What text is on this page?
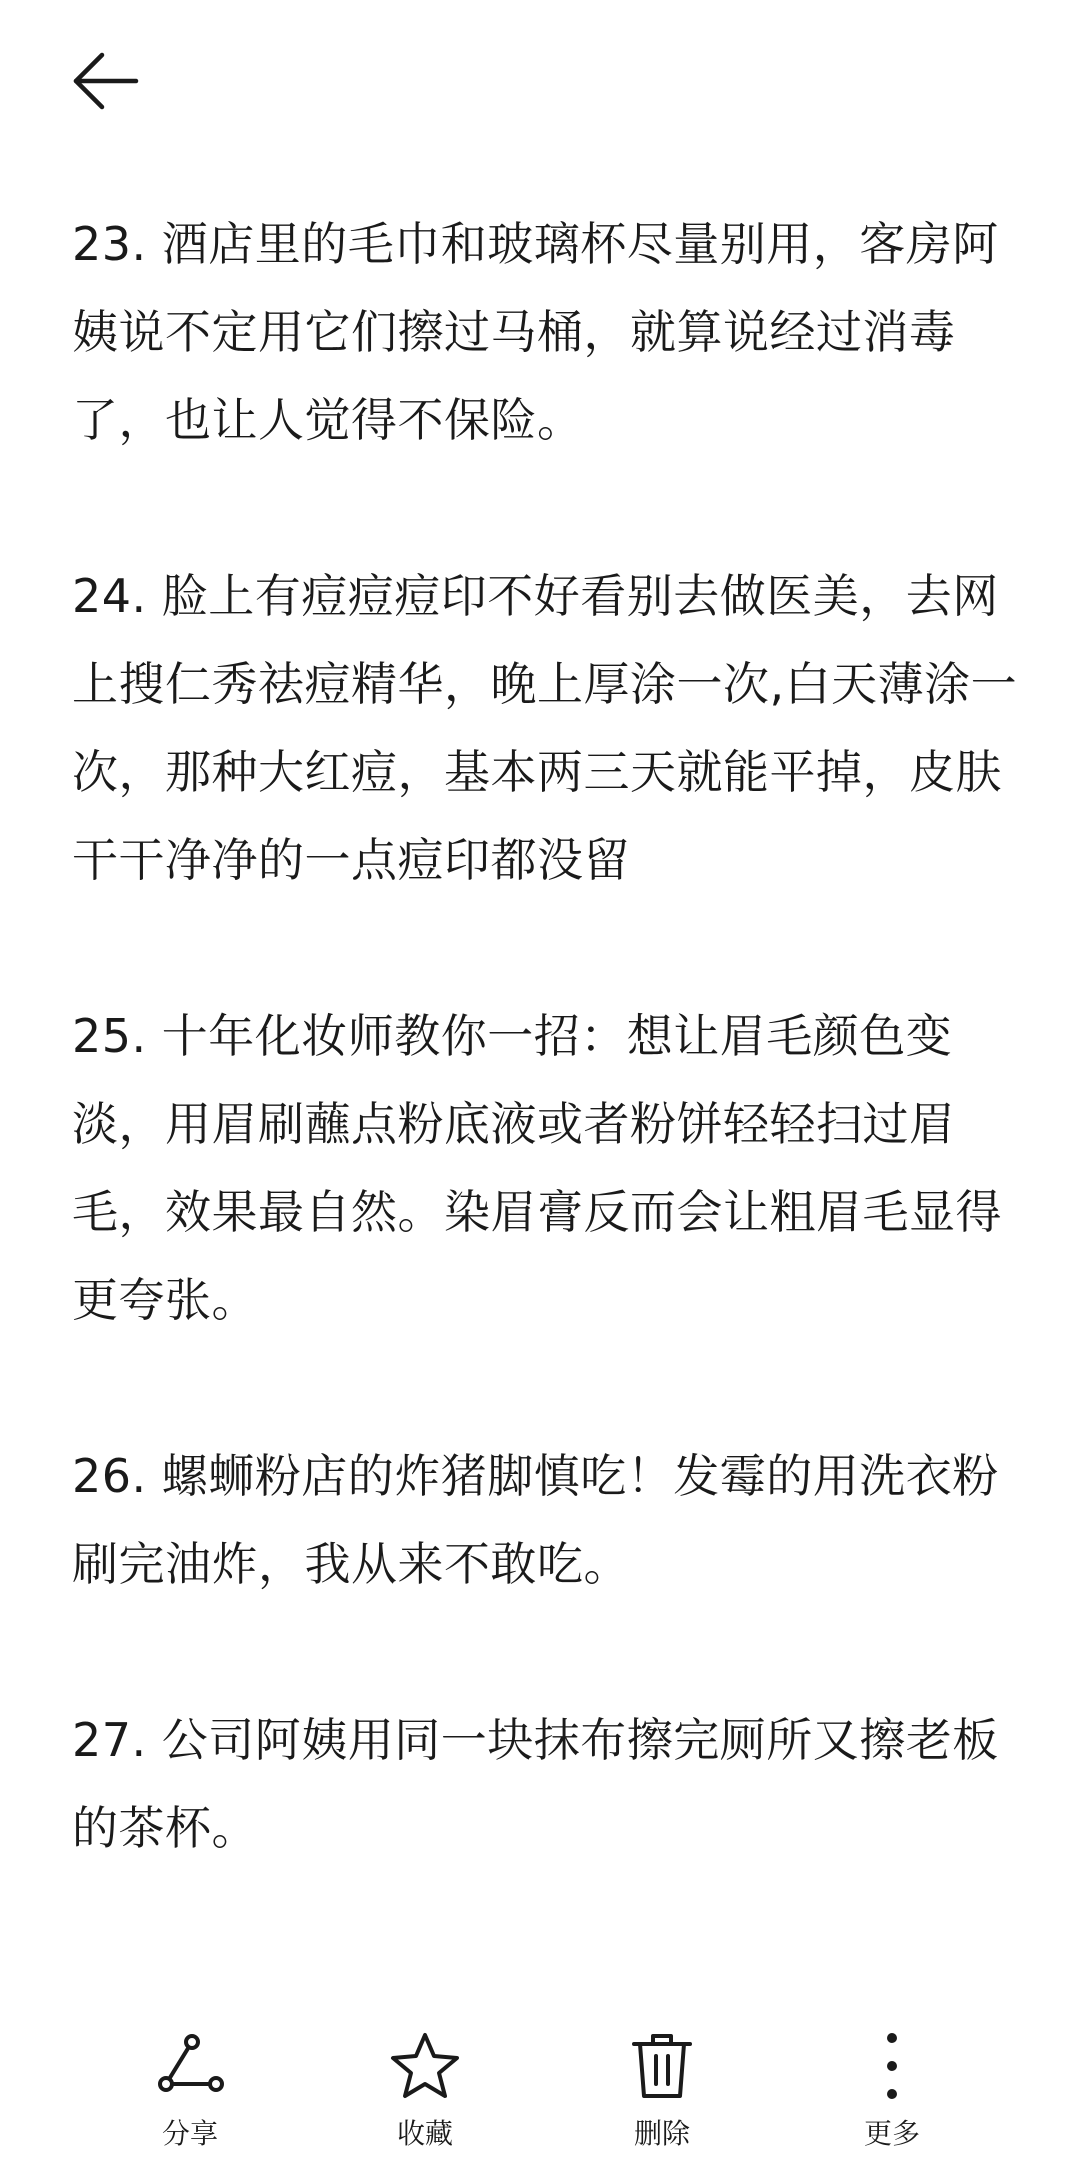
23. 酒店里的毛巾和玻璃杯尽量别用，客房阿姨说不定用它们擦过马桶，就算说经过消毒了，也让人觉得不保险。

24. 脸上有痘痘痘印不好看别去做医美，去网上搜仁秀祛痘精华，晚上厚涂一次,白天薄涂一次，那种大红痘，基本两三天就能平掉，皮肤干干净净的一点痘印都没留

25. 十年化妆师教你一招：想让眉毛颜色变淡，用眉刷蘸点粉底液或者粉饼轻轻扫过眉毛，效果最自然。染眉膏反而会让粗眉毛显得更夸张。

26. 螺蛳粉店的炸猪脚慎吃！发霉的用洗衣粉刷完油炸，我从来不敢吃。

27. 公司阿姨用同一块抹布擦完厕所又擦老板的茶杯。

分享	收藏	删除	更多
